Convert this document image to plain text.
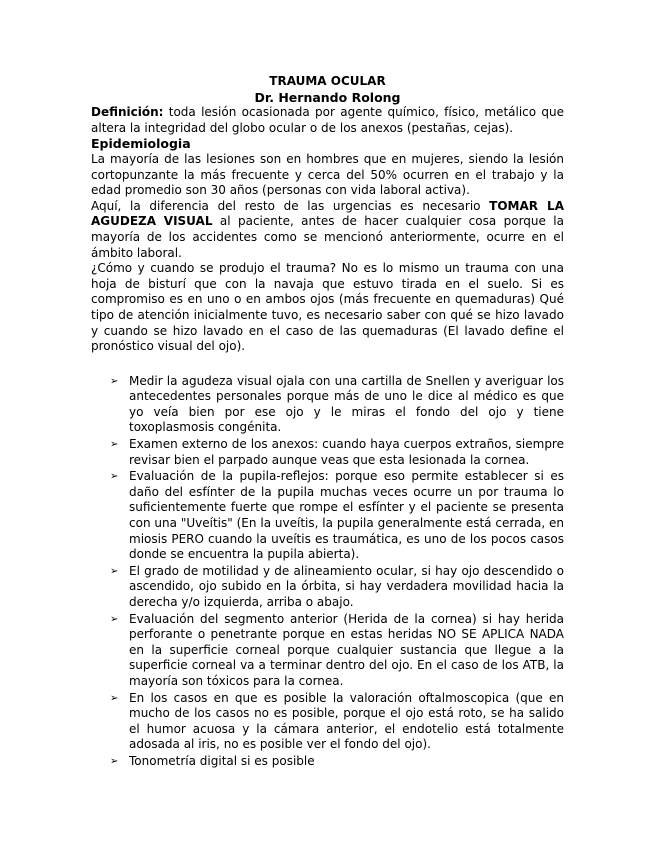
TRAUMA OCULAR
Dr. Hernando Rolong

Definición: toda lesión ocasionada por agente químico, físico, metálico que altera la integridad del globo ocular o de los anexos (pestañas, cejas).

Epidemiologia

La mayoría de las lesiones son en hombres que en mujeres, siendo la lesión cortopunzante la más frecuente y cerca del 50% ocurren en el trabajo y la edad promedio son 30 años (personas con vida laboral activa).

Aquí, la diferencia del resto de las urgencias es necesario TOMAR LA AGUDEZA VISUAL al paciente, antes de hacer cualquier cosa porque la mayoría de los accidentes como se mencionó anteriormente, ocurre en el ámbito laboral.

¿Cómo y cuando se produjo el trauma? No es lo mismo un trauma con una hoja de bisturí que con la navaja que estuvo tirada en el suelo. Si es compromiso es en uno o en ambos ojos (más frecuente en quemaduras) Qué tipo de atención inicialmente tuvo, es necesario saber con qué se hizo lavado y cuando se hizo lavado en el caso de las quemaduras (El lavado define el pronóstico visual del ojo).

➢ Medir la agudeza visual ojala con una cartilla de Snellen y averiguar los antecedentes personales porque más de uno le dice al médico es que yo veía bien por ese ojo y le miras el fondo del ojo y tiene toxoplasmosis congénita.
➢ Examen externo de los anexos: cuando haya cuerpos extraños, siempre revisar bien el parpado aunque veas que esta lesionada la cornea.
➢ Evaluación de la pupila-reflejos: porque eso permite establecer si es daño del esfínter de la pupila muchas veces ocurre un por trauma lo suficientemente fuerte que rompe el esfínter y el paciente se presenta con una "Uveítis" (En la uveítis, la pupila generalmente está cerrada, en miosis PERO cuando la uveítis es traumática, es uno de los pocos casos donde se encuentra la pupila abierta).
➢ El grado de motilidad y de alineamiento ocular, si hay ojo descendido o ascendido, ojo subido en la órbita, si hay verdadera movilidad hacia la derecha y/o izquierda, arriba o abajo.
➢ Evaluación del segmento anterior (Herida de la cornea) si hay herida perforante o penetrante porque en estas heridas NO SE APLICA NADA en la superficie corneal porque cualquier sustancia que llegue a la superficie corneal va a terminar dentro del ojo. En el caso de los ATB, la mayoría son tóxicos para la cornea.
➢ En los casos en que es posible la valoración oftalmoscopica (que en mucho de los casos no es posible, porque el ojo está roto, se ha salido el humor acuosa y la cámara anterior, el endotelio está totalmente adosada al iris, no es posible ver el fondo del ojo).
➢ Tonometría digital si es posible
